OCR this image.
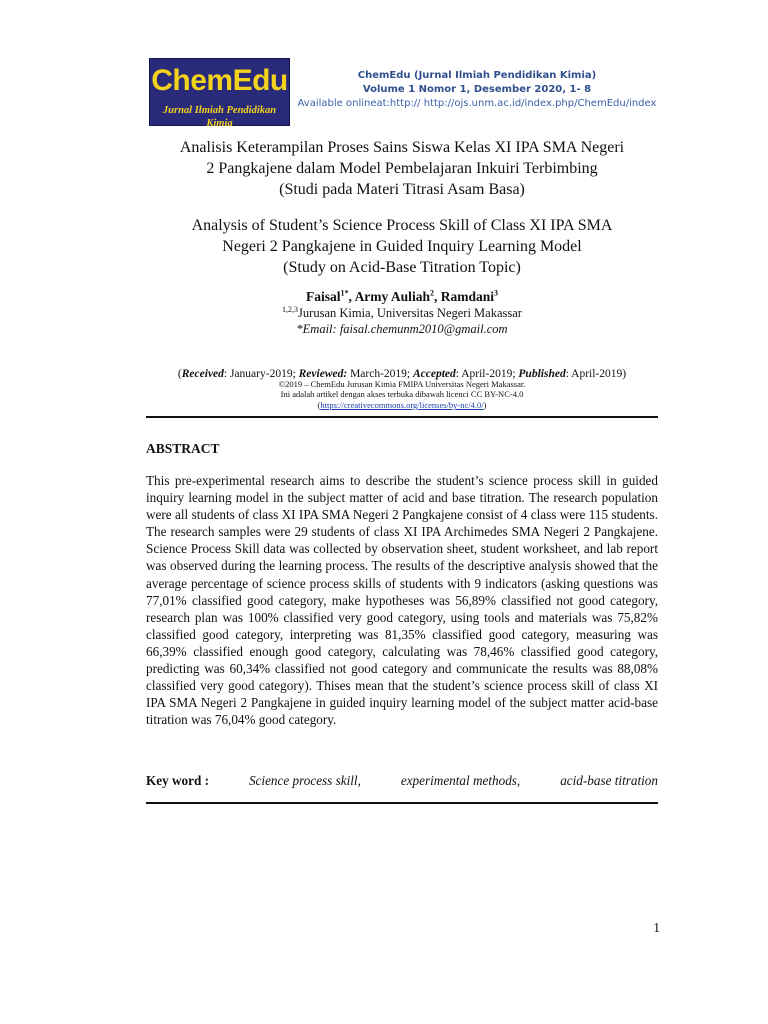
ChemEdu
Jurnal Ilmiah Pendidikan Kimia
ChemEdu (Jurnal Ilmiah Pendidikan Kimia)
Volume 1 Nomor 1, Desember 2020, 1- 8
Available onlineat:http:// http://ojs.unm.ac.id/index.php/ChemEdu/index
Analisis Keterampilan Proses Sains Siswa Kelas XI IPA SMA Negeri
2 Pangkajene dalam Model Pembelajaran Inkuiri Terbimbing
(Studi pada Materi Titrasi Asam Basa)
Analysis of Student’s Science Process Skill of Class XI IPA SMA
Negeri 2 Pangkajene in Guided Inquiry Learning Model
(Study on Acid-Base Titration Topic)
Faisal$^{1*}$, Army Auliah$^2$, Ramdani$^3$
$^{1,2,3}$Jurusan Kimia, Universitas Negeri Makassar
*Email: faisal.chemunm2010@gmail.com
(Received: January-2019; Reviewed: March-2019; Accepted: April-2019; Published: April-2019)
©2019 – ChemEdu Jurusan Kimia FMIPA Universitas Negeri Makassar.
Ini adalah artikel dengan akses terbuka dibawah licenci CC BY-NC-4.0
(https://creativecommons.org/licenses/by-nc/4.0/)
ABSTRACT
This pre-experimental research aims to describe the student’s science process skill in guided inquiry learning model in the subject matter of acid and base titration. The research population were all students of class XI IPA SMA Negeri 2 Pangkajene consist of 4 class were 115 students. The research samples were 29 students of class XI IPA Archimedes SMA Negeri 2 Pangkajene. Science Process Skill data was collected by observation sheet, student worksheet, and lab report was observed during the learning process. The results of the descriptive analysis showed that the average percentage of science process skills of students with 9 indicators (asking questions was 77,01% classified good category, make hypotheses was 56,89% classified not good category, research plan was 100% classified very good category, using tools and materials was 75,82% classified good category, interpreting was 81,35% classified good category, measuring was 66,39% classified enough good category, calculating was 78,46% classified good category, predicting was 60,34% classified not good category and communicate the results was 88,08% classified very good category). Thises mean that the student’s science process skill of class XI IPA SMA Negeri 2 Pangkajene in guided inquiry learning model of the subject matter acid-base titration was 76,04% good category.
Key word :	Science process skill,	experimental methods,	acid-base titration
1
